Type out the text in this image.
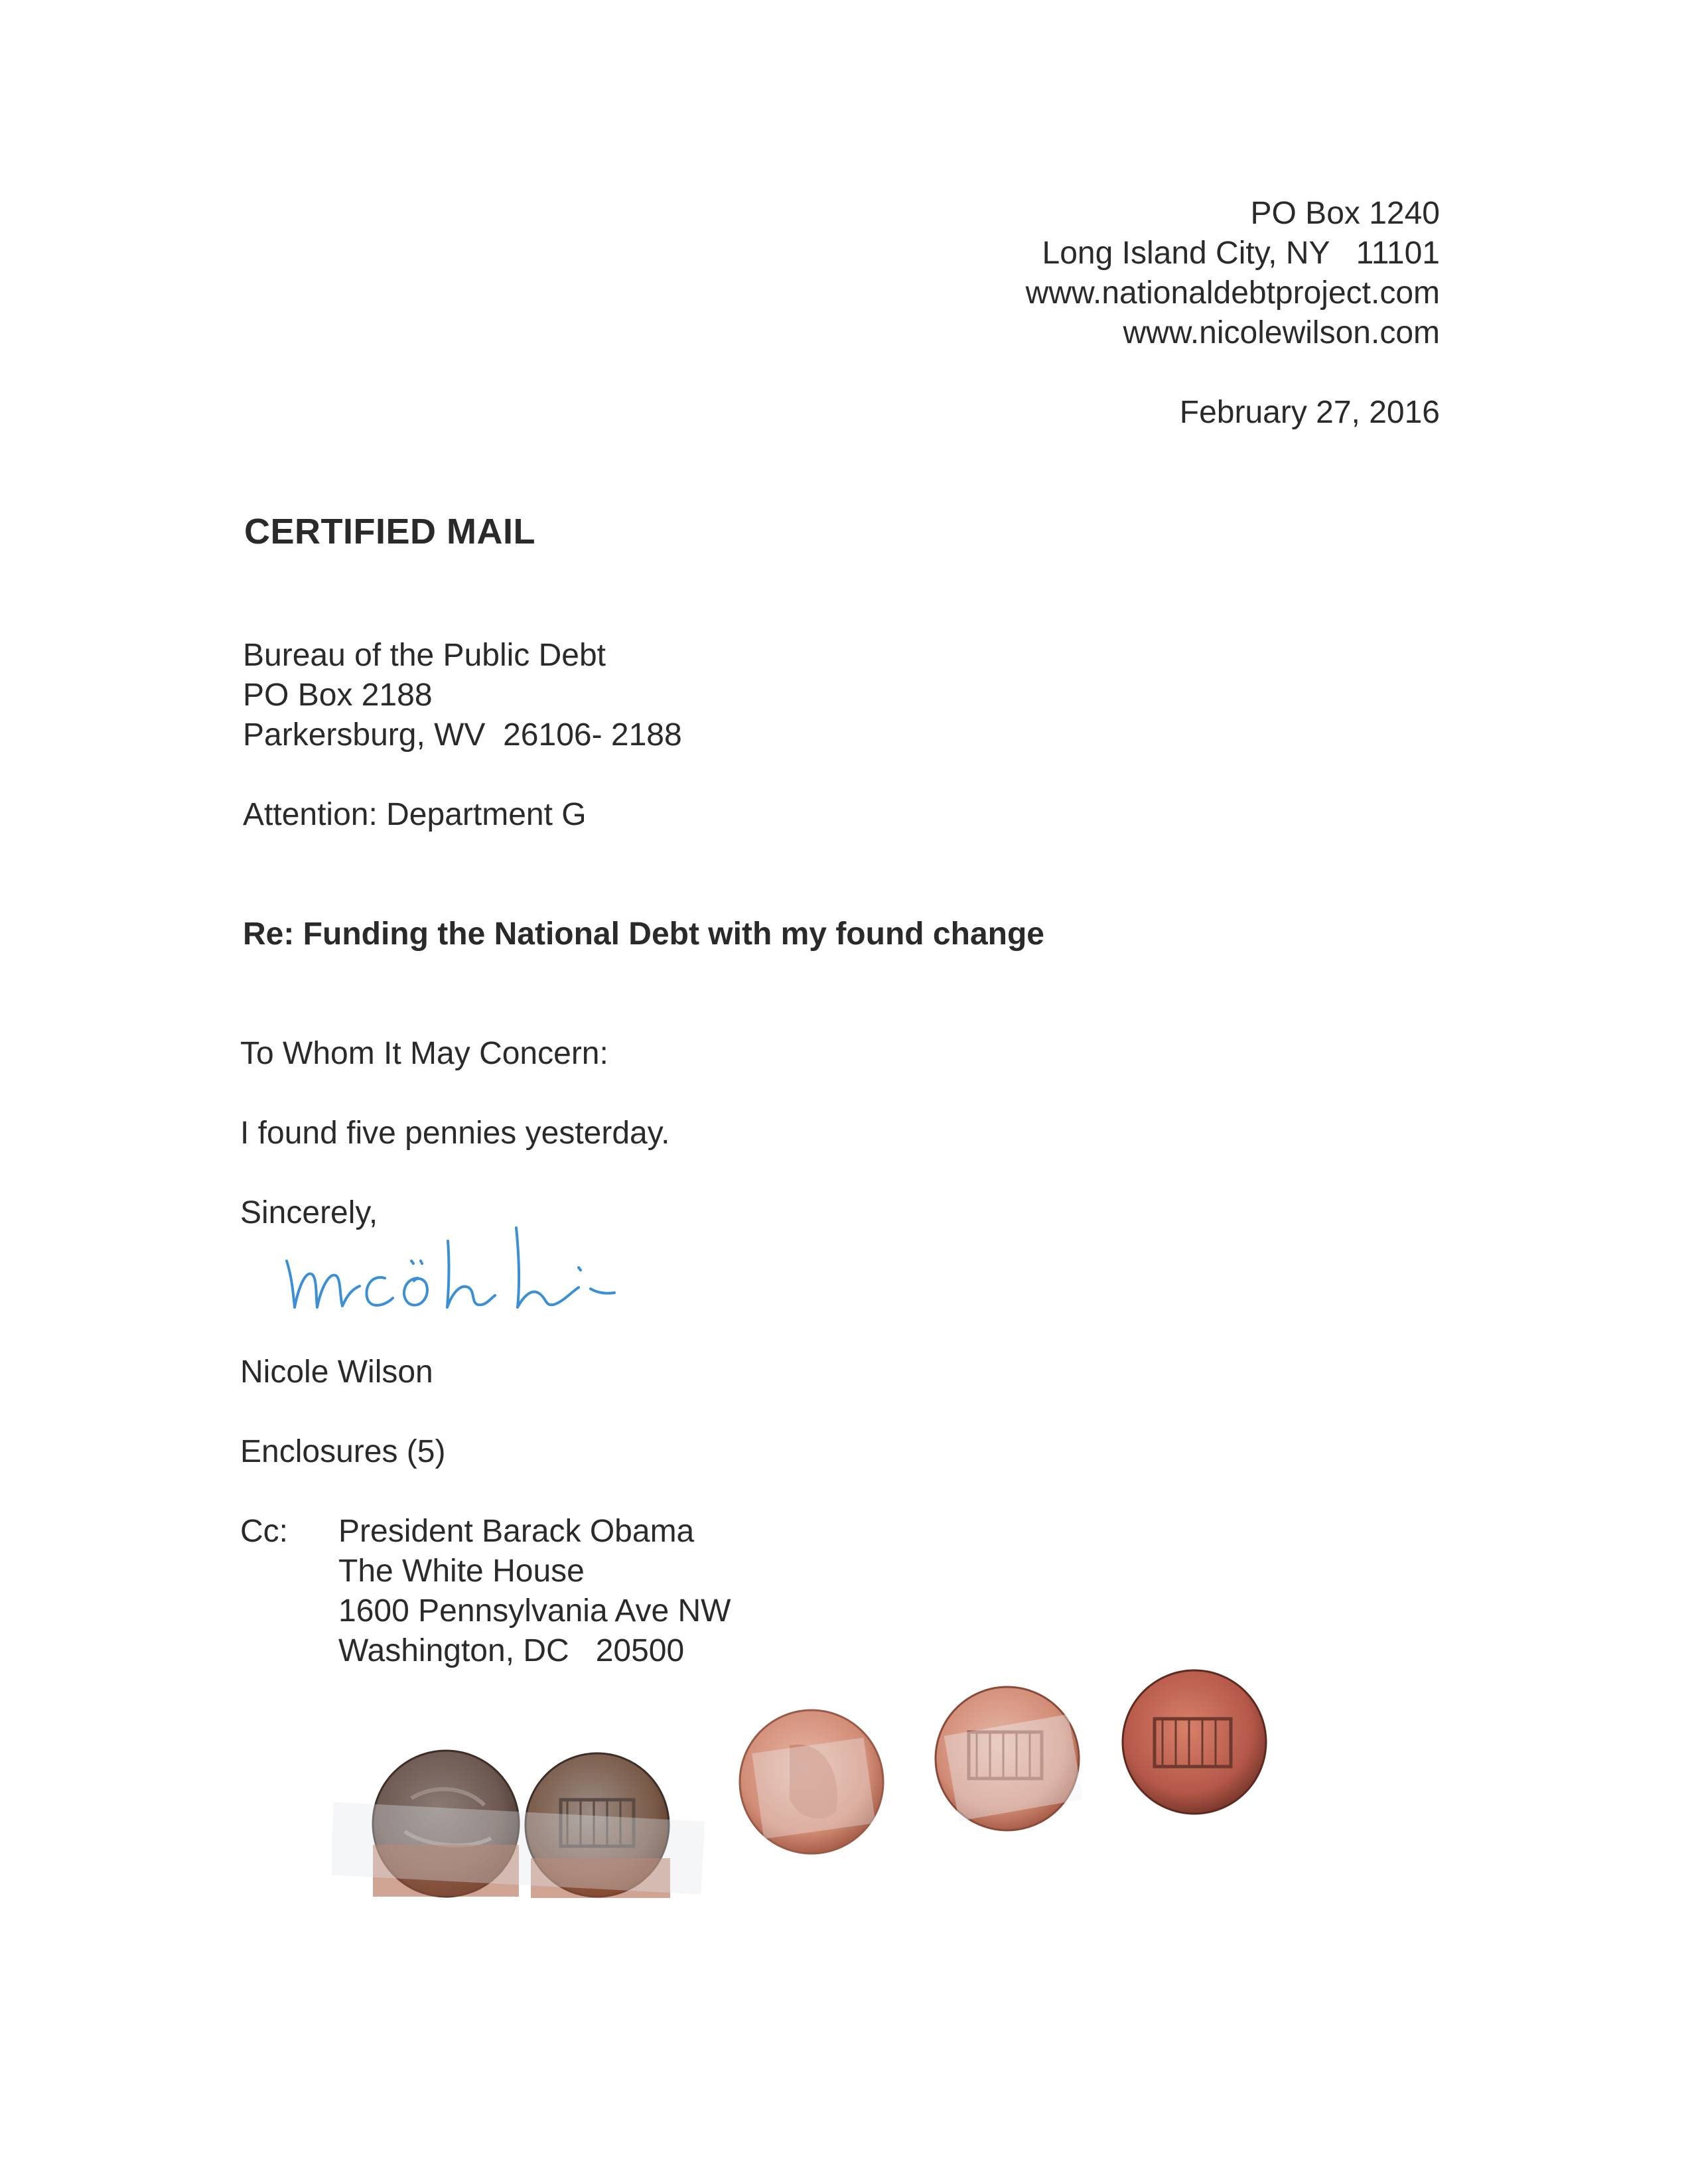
PO Box 1240
Long Island City, NY   11101
www.nationaldebtproject.com
www.nicolewilson.com
February 27, 2016
CERTIFIED MAIL
Bureau of the Public Debt
PO Box 2188
Parkersburg, WV  26106- 2188
Attention: Department G
Re: Funding the National Debt with my found change
To Whom It May Concern:
I found five pennies yesterday.
Sincerely,
Nicole Wilson
Enclosures (5)
Cc: President Barack Obama
The White House
1600 Pennsylvania Ave NW
Washington, DC   20500
